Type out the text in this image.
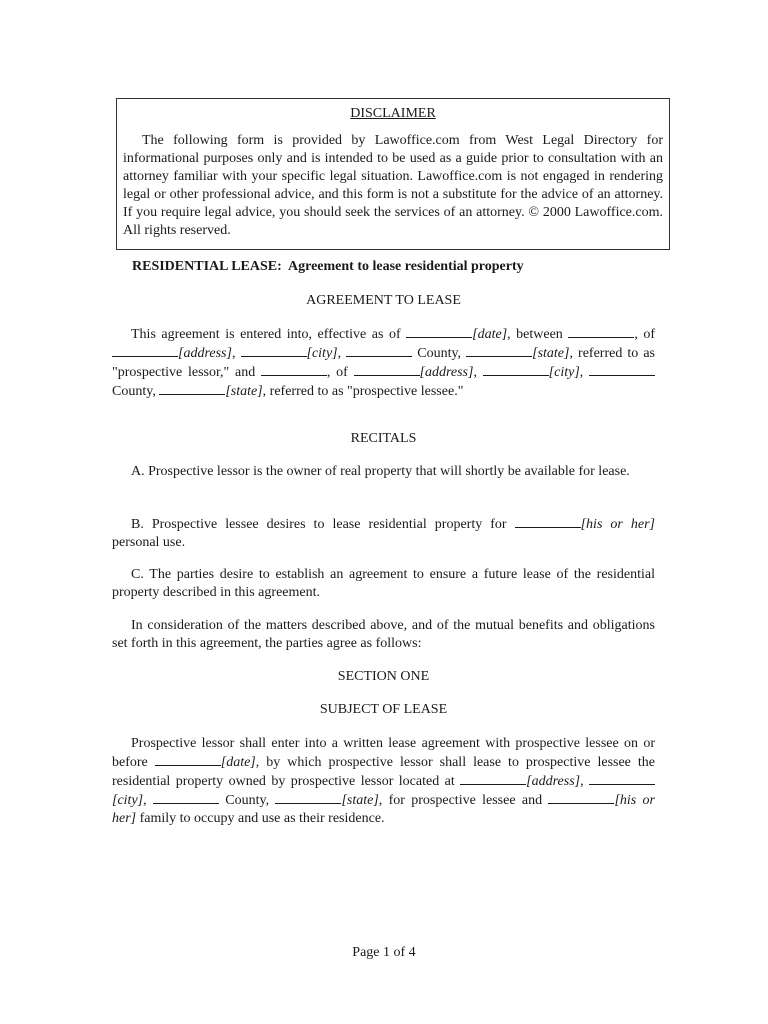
DISCLAIMER

The following form is provided by Lawoffice.com from West Legal Directory for informational purposes only and is intended to be used as a guide prior to consultation with an attorney familiar with your specific legal situation. Lawoffice.com is not engaged in rendering legal or other professional advice, and this form is not a substitute for the advice of an attorney. If you require legal advice, you should seek the services of an attorney. © 2000 Lawoffice.com. All rights reserved.

RESIDENTIAL LEASE: Agreement to lease residential property

AGREEMENT TO LEASE

This agreement is entered into, effective as of	[date], between	, of [address],	[city],	County,	[state], referred to as "prospective lessor," and	, of	[address],	[city],  County,	[state], referred to as "prospective lessee."

RECITALS

A. Prospective lessor is the owner of real property that will shortly be available for lease.

B. Prospective lessee desires to lease residential property for	[his or her] personal use.

C. The parties desire to establish an agreement to ensure a future lease of the residential property described in this agreement.

In consideration of the matters described above, and of the mutual benefits and obligations set forth in this agreement, the parties agree as follows:

SECTION ONE

SUBJECT OF LEASE

Prospective lessor shall enter into a written lease agreement with prospective lessee on or before	[date], by which prospective lessor shall lease to prospective lessee the residential property owned by prospective lessor located at	[address], [city],	County,	[state], for prospective lessee and	[his or her] family to occupy and use as their residence.

Page 1 of 4
